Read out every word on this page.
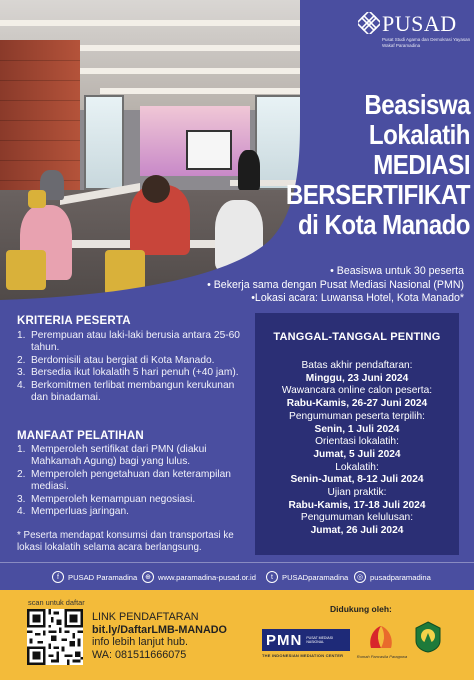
PUSAD
Pusat Studi Agama dan Demokrasi Yayasan Wakaf Paramadina
Beasiswa
Lokalatih
MEDIASI
BERSERTIFIKAT
di Kota Manado
• Beasiswa untuk 30 peserta
• Bekerja sama dengan Pusat Mediasi Nasional (PMN)
•Lokasi acara: Luwansa Hotel, Kota Manado*
KRITERIA PESERTA
1. Perempuan atau laki-laki berusia antara 25-60 tahun.
2. Berdomisili atau bergiat di Kota Manado.
3. Bersedia ikut lokalatih 5 hari penuh (+40 jam).
4. Berkomitmen terlibat membangun kerukunan dan binadamai.
MANFAAT PELATIHAN
1. Memperoleh sertifikat dari PMN (diakui Mahkamah Agung) bagi yang lulus.
2. Memperoleh pengetahuan dan keterampilan mediasi.
3. Memperoleh kemampuan negosiasi.
4. Memperluas jaringan.
* Peserta mendapat konsumsi dan transportasi ke lokasi lokalatih selama acara berlangsung.
TANGGAL-TANGGAL PENTING
Batas akhir pendaftaran:
Minggu, 23 Juni 2024
Wawancara online calon peserta:
Rabu-Kamis, 26-27 Juni 2024
Pengumuman peserta terpilih:
Senin, 1 Juli 2024
Orientasi lokalatih:
Jumat, 5 Juli 2024
Lokalatih:
Senin-Jumat, 8-12 Juli 2024
Ujian praktik:
Rabu-Kamis, 17-18 Juli 2024
Pengumuman kelulusan:
Jumat, 26 Juli 2024
f	PUSAD Paramadina	⊕ www.paramadina-pusad.or.id	t	PUSADparamadina	◎ pusadparamadina
scan untuk daftar
LINK PENDAFTARAN
bit.ly/DaftarLMB-MANADO
info lebih lanjut hub.
WA: 081511666075
Didukung oleh:
PMN PUSAT MEDIASI NASIONAL
THE INDONESIAN MEDIATION CENTER	Rumah Pancasila Paragowa
